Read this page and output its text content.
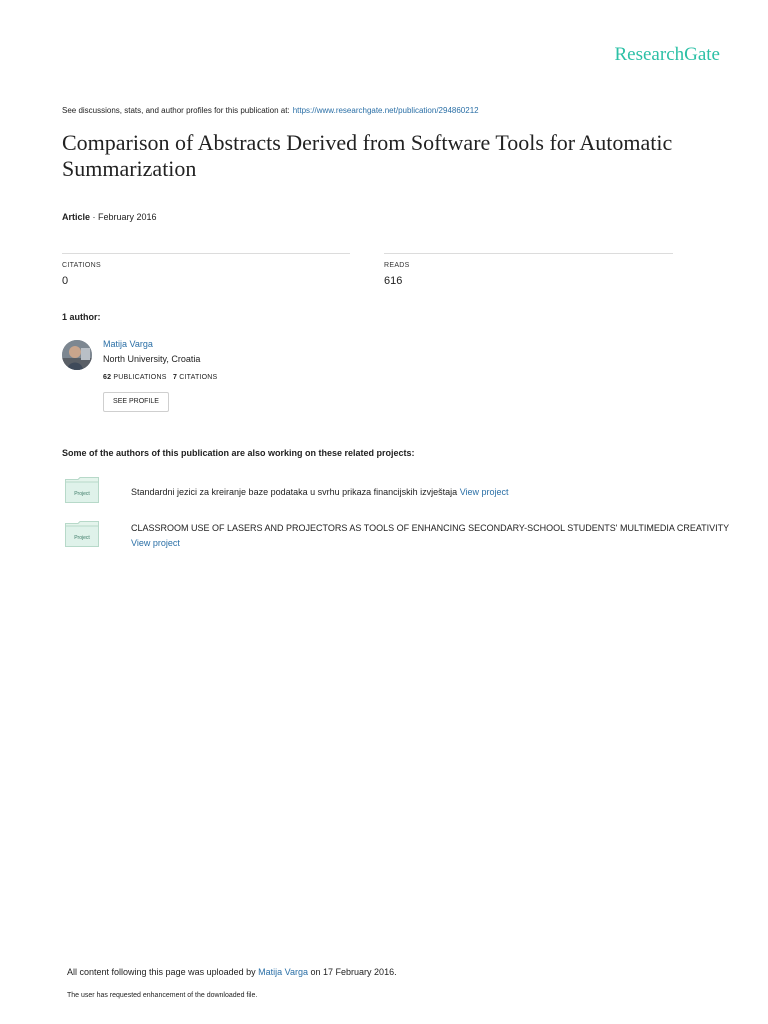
ResearchGate
See discussions, stats, and author profiles for this publication at: https://www.researchgate.net/publication/294860212
Comparison of Abstracts Derived from Software Tools for Automatic Summarization
Article · February 2016
CITATIONS
0
READS
616
1 author:
Matija Varga
North University, Croatia
62 PUBLICATIONS 7 CITATIONS
SEE PROFILE
Some of the authors of this publication are also working on these related projects:
Project	Standardni jezici za kreiranje baze podataka u svrhu prikaza financijskih izvještaja View project
Project
CLASSROOM USE OF LASERS AND PROJECTORS AS TOOLS OF ENHANCING SECONDARY-SCHOOL STUDENTS' MULTIMEDIA CREATIVITY
View project
All content following this page was uploaded by Matija Varga on 17 February 2016.
The user has requested enhancement of the downloaded file.
